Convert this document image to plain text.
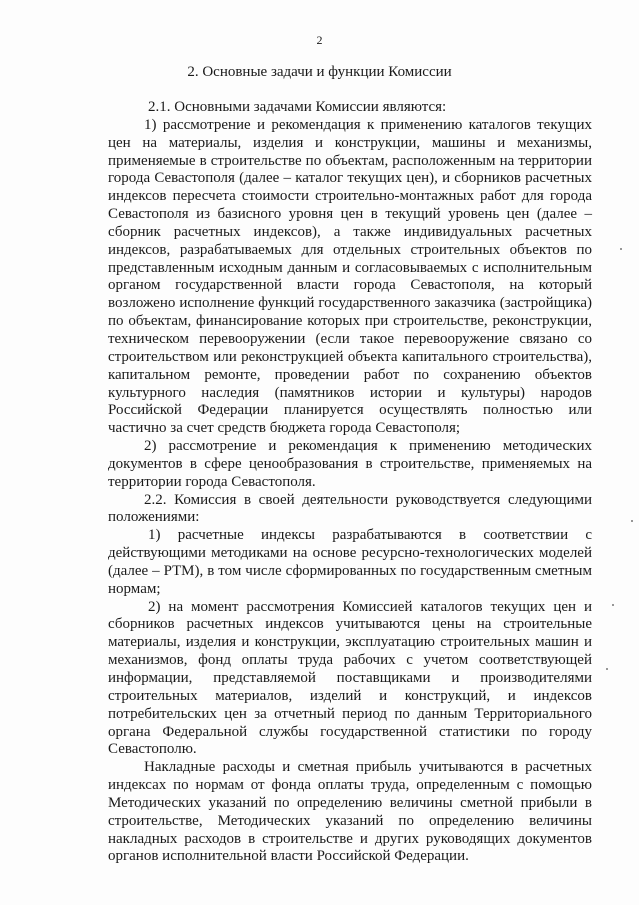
2
2. Основные задачи и функции Комиссии

2.1. Основными задачами Комиссии являются:

1) рассмотрение и рекомендация к применению каталогов текущих цен на материалы, изделия и конструкции, машины и механизмы, применяемые в строительстве по объектам, расположенным на территории города Севастополя (далее – каталог текущих цен), и сборников расчетных индексов пересчета стоимости строительно-монтажных работ для города Севастополя из базисного уровня цен в текущий уровень цен (далее – сборник расчетных индексов), а также индивидуальных расчетных индексов, разрабатываемых для отдельных строительных объектов по представленным исходным данным и согласовываемых с исполнительным органом государственной власти города Севастополя, на который возложено исполнение функций государственного заказчика (застройщика) по объектам, финансирование которых при строительстве, реконструкции, техническом перевооружении (если такое перевооружение связано со строительством или реконструкцией объекта капитального строительства), капитальном ремонте, проведении работ по сохранению объектов культурного наследия (памятников истории и культуры) народов Российской Федерации планируется осуществлять полностью или частично за счет средств бюджета города Севастополя;

2) рассмотрение и рекомендация к применению методических документов в сфере ценообразования в строительстве, применяемых на территории города Севастополя.

2.2. Комиссия в своей деятельности руководствуется следующими положениями:

1) расчетные индексы разрабатываются в соответствии с действующими методиками на основе ресурсно-технологических моделей (далее – РТМ), в том числе сформированных по государственным сметным нормам;

2) на момент рассмотрения Комиссией каталогов текущих цен и сборников расчетных индексов учитываются цены на строительные материалы, изделия и конструкции, эксплуатацию строительных машин и механизмов, фонд оплаты труда рабочих с учетом соответствующей информации, представляемой поставщиками и производителями строительных материалов, изделий и конструкций, и индексов потребительских цен за отчетный период по данным Территориального органа Федеральной службы государственной статистики по городу Севастополю.

Накладные расходы и сметная прибыль учитываются в расчетных индексах по нормам от фонда оплаты труда, определенным с помощью Методических указаний по определению величины сметной прибыли в строительстве, Методических указаний по определению величины накладных расходов в строительстве и других руководящих документов органов исполнительной власти Российской Федерации.
